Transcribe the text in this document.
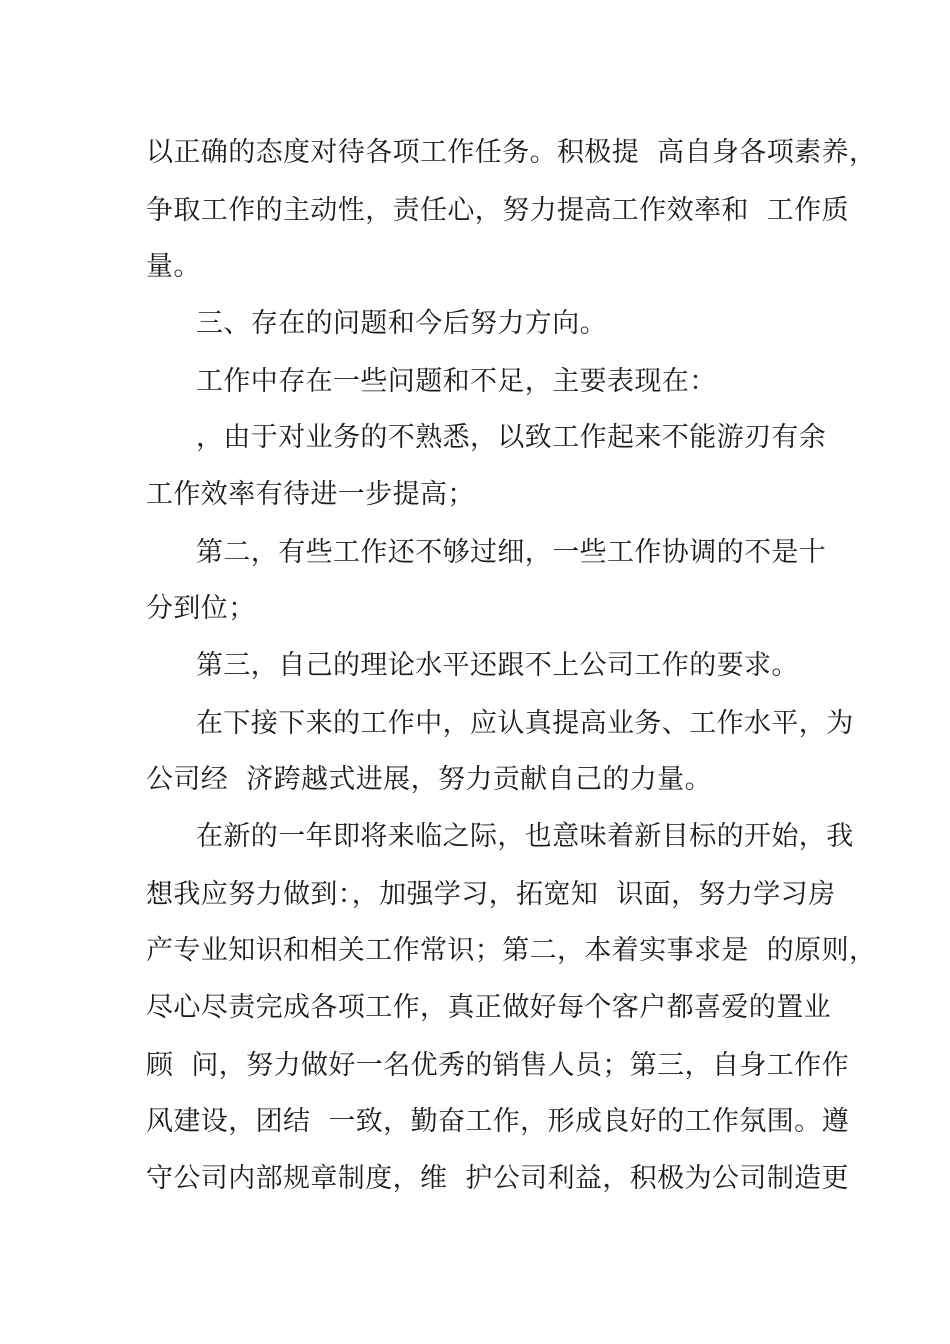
以正确的态度对待各项工作任务。积极提  高自身各项素养，
争取工作的主动性，责任心，努力提高工作效率和  工作质
量。
三、存在的问题和今后努力方向。
工作中存在一些问题和不足，主要表现在：
，由于对业务的不熟悉，以致工作起来不能游刃有余
工作效率有待进一步提高；
第二，有些工作还不够过细，一些工作协调的不是十
分到位；
第三，自己的理论水平还跟不上公司工作的要求。
在下接下来的工作中，应认真提高业务、工作水平，为
公司经  济跨越式进展，努力贡献自己的力量。
在新的一年即将来临之际，也意味着新目标的开始，我
想我应努力做到：，加强学习，拓宽知  识面，努力学习房
产专业知识和相关工作常识；第二，本着实事求是  的原则，
尽心尽责完成各项工作，真正做好每个客户都喜爱的置业
顾  问，努力做好一名优秀的销售人员；第三，自身工作作
风建设，团结  一致，勤奋工作，形成良好的工作氛围。遵
守公司内部规章制度，维  护公司利益，积极为公司制造更
